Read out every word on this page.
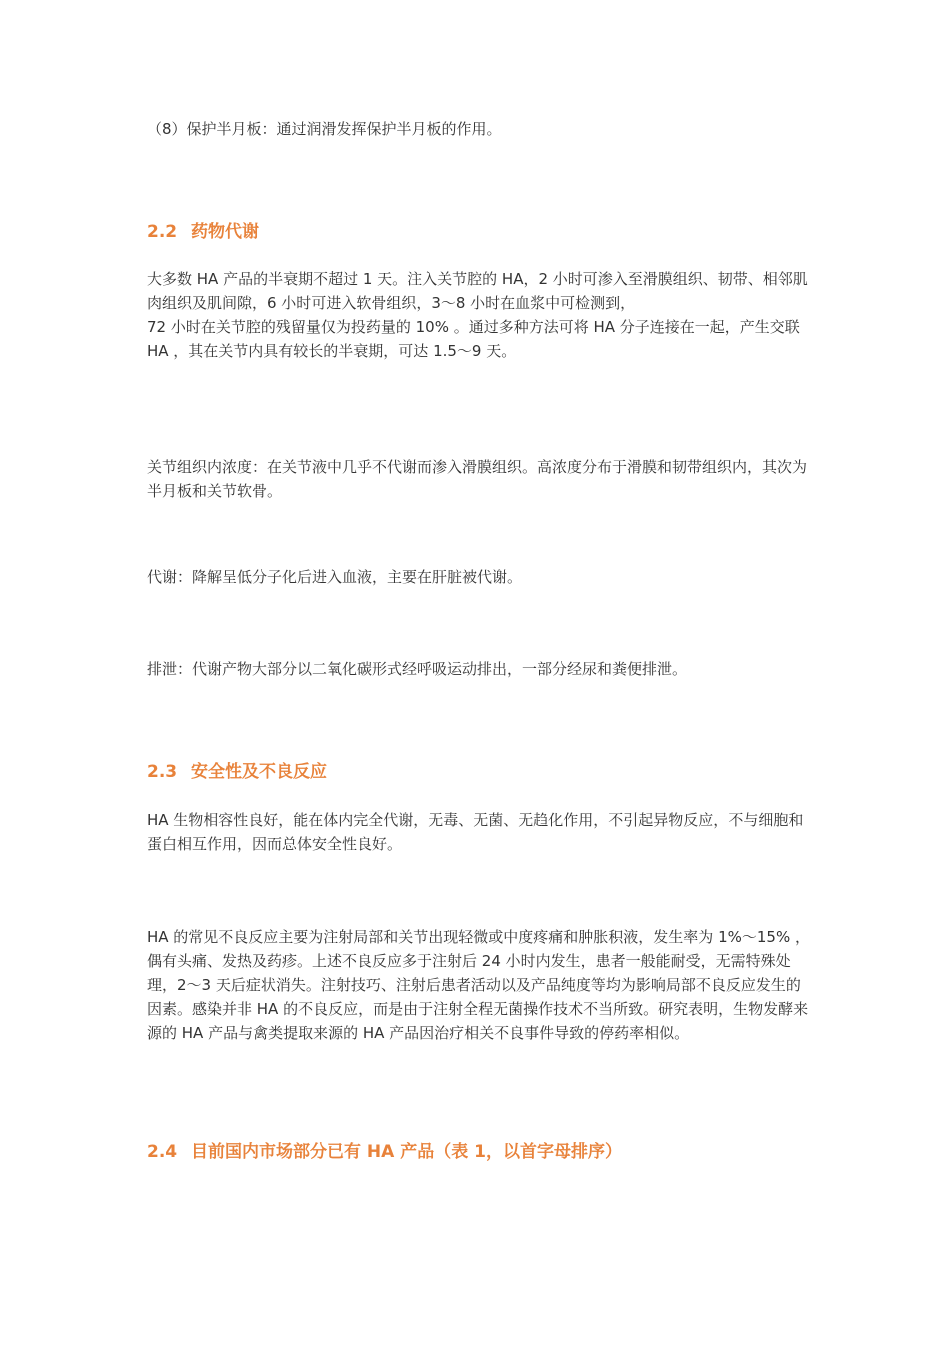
（8）保护半月板：通过润滑发挥保护半月板的作用。

2.2 药物代谢

大多数 HA 产品的半衰期不超过 1 天。注入关节腔的 HA，2 小时可渗入至滑膜组织、韧带、相邻肌肉组织及肌间隙，6 小时可进入软骨组织，3～8 小时在血浆中可检测到，
72 小时在关节腔的残留量仅为投药量的 10% 。通过多种方法可将 HA 分子连接在一起，产生交联 HA ，其在关节内具有较长的半衰期，可达 1.5～9 天。

关节组织内浓度：在关节液中几乎不代谢而渗入滑膜组织。高浓度分布于滑膜和韧带组织内，其次为半月板和关节软骨。

代谢：降解呈低分子化后进入血液，主要在肝脏被代谢。

排泄：代谢产物大部分以二氧化碳形式经呼吸运动排出，一部分经尿和粪便排泄。

2.3 安全性及不良反应

HA 生物相容性良好，能在体内完全代谢，无毒、无菌、无趋化作用，不引起异物反应，不与细胞和蛋白相互作用，因而总体安全性良好。

HA 的常见不良反应主要为注射局部和关节出现轻微或中度疼痛和肿胀积液，发生率为 1%～15% ，偶有头痛、发热及药疹。上述不良反应多于注射后 24 小时内发生，患者一般能耐受，无需特殊处理，2～3 天后症状消失。注射技巧、注射后患者活动以及产品纯度等均为影响局部不良反应发生的因素。感染并非 HA 的不良反应，而是由于注射全程无菌操作技术不当所致。研究表明，生物发酵来源的 HA 产品与禽类提取来源的 HA 产品因治疗相关不良事件导致的停药率相似。

2.4 目前国内市场部分已有 HA 产品（表 1，以首字母排序）
